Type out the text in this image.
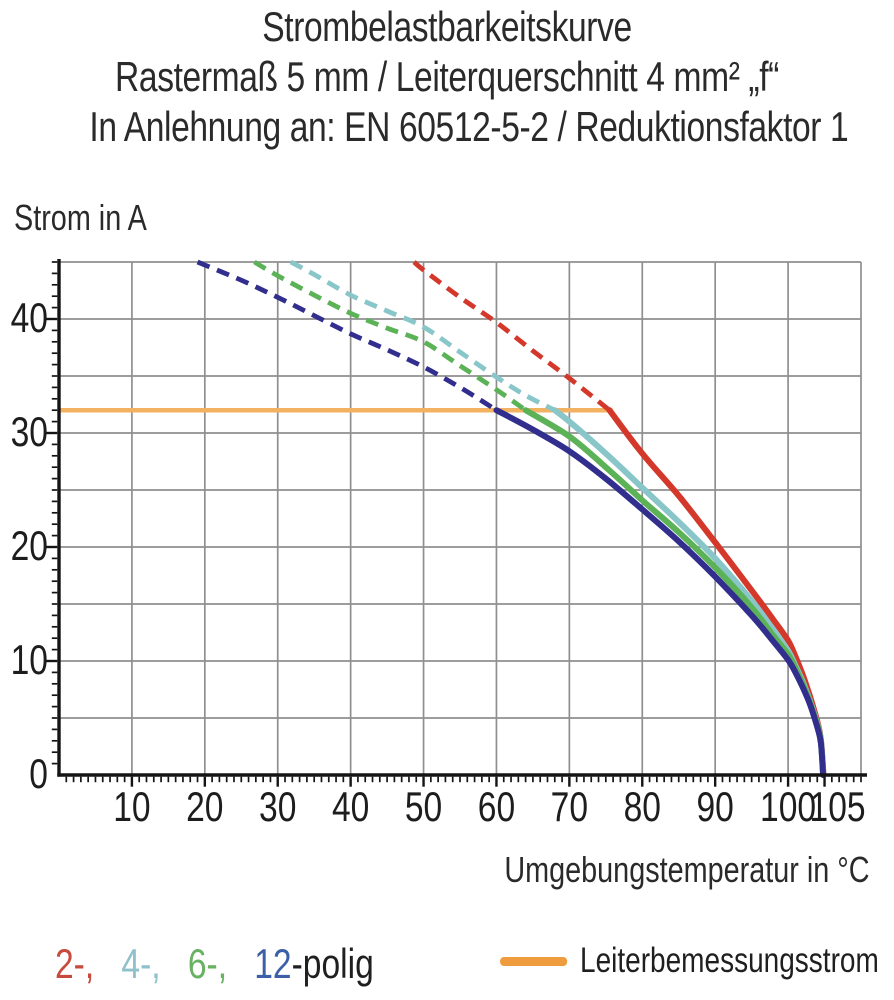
Strombelastbarkeitskurve
Rastermaß 5 mm / Leiterquerschnitt 4 mm² „f“
In Anlehnung an: EN 60512-5-2 / Reduktionsfaktor 1
Strom in A
10 20 30 40 50 60 70 80 90 100
105
0
10
20
30
40
Umgebungstemperatur in °C
2-, 4-, 6-, 12-polig	Leiterbemessungsstrom
